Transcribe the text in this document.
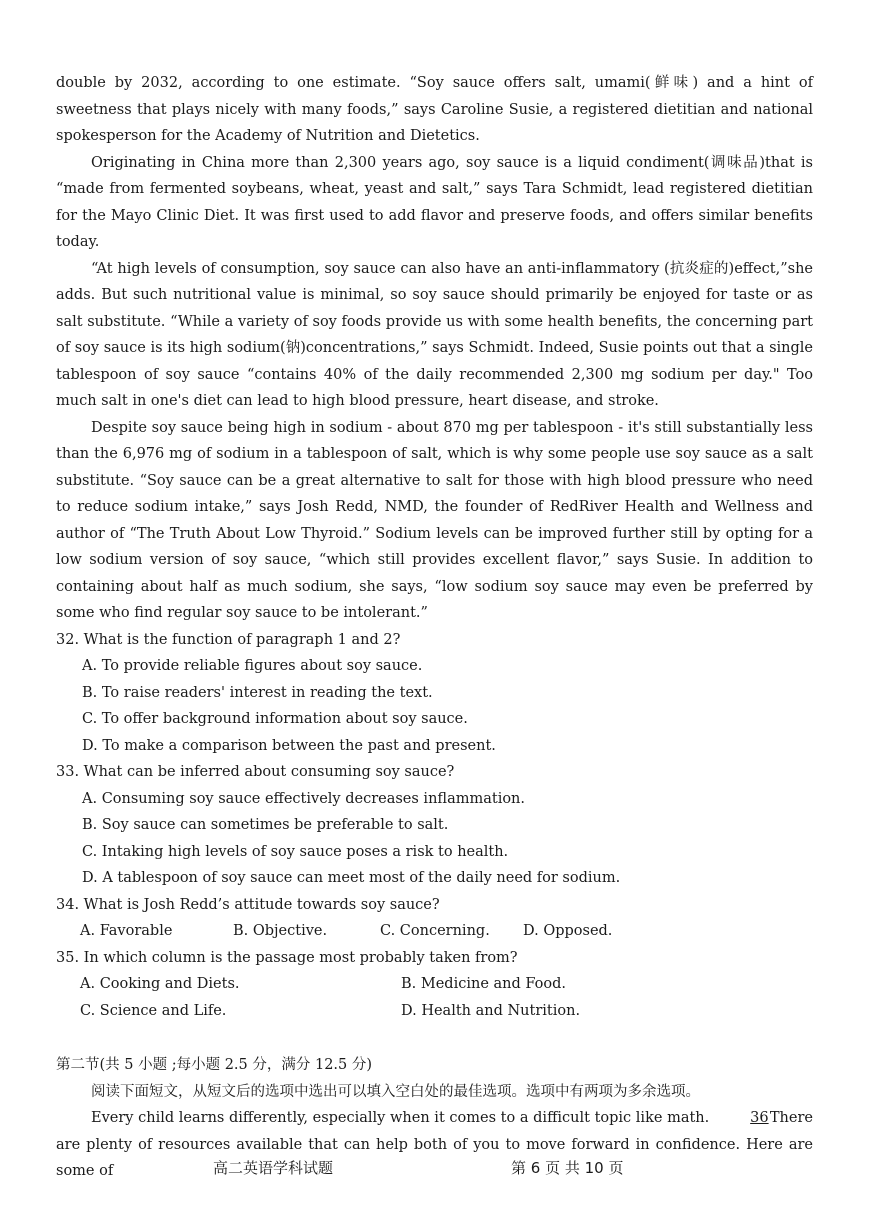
double by 2032, according to one estimate. “Soy sauce offers salt, umami(鲜味) and a hint of sweetness that plays nicely with many foods,” says Caroline Susie, a registered dietitian and national spokesperson for the Academy of Nutrition and Dietetics.

Originating in China more than 2,300 years ago, soy sauce is a liquid condiment(调味品)that is “made from fermented soybeans, wheat, yeast and salt,” says Tara Schmidt, lead registered dietitian for the Mayo Clinic Diet. It was first used to add flavor and preserve foods, and offers similar benefits today.

“At high levels of consumption, soy sauce can also have an anti-inflammatory (抗炎症的)effect,”she adds. But such nutritional value is minimal, so soy sauce should primarily be enjoyed for taste or as salt substitute. “While a variety of soy foods provide us with some health benefits, the concerning part of soy sauce is its high sodium(钠)concentrations,” says Schmidt. Indeed, Susie points out that a single tablespoon of soy sauce “contains 40% of the daily recommended 2,300 mg sodium per day." Too much salt in one's diet can lead to high blood pressure, heart disease, and stroke.

Despite soy sauce being high in sodium - about 870 mg per tablespoon - it's still substantially less than the 6,976 mg of sodium in a tablespoon of salt, which is why some people use soy sauce as a salt substitute. “Soy sauce can be a great alternative to salt for those with high blood pressure who need to reduce sodium intake,” says Josh Redd, NMD, the founder of RedRiver Health and Wellness and author of “The Truth About Low Thyroid.” Sodium levels can be improved further still by opting for a low sodium version of soy sauce, “which still provides excellent flavor,” says Susie. In addition to containing about half as much sodium, she says, “low sodium soy sauce may even be preferred by some who find regular soy sauce to be intolerant.”

32. What is the function of paragraph 1 and 2?

A. To provide reliable figures about soy sauce.

B. To raise readers' interest in reading the text.

C. To offer background information about soy sauce.

D. To make a comparison between the past and present.

33. What can be inferred about consuming soy sauce?

A. Consuming soy sauce effectively decreases inflammation.

B. Soy sauce can sometimes be preferable to salt.

C. Intaking high levels of soy sauce poses a risk to health.

D. A tablespoon of soy sauce can meet most of the daily need for sodium.

34. What is Josh Redd’s attitude towards soy sauce?

A. Favorable	B. Objective.	C. Concerning.	D. Opposed.

35. In which column is the passage most probably taken from?

A. Cooking and Diets.	B. Medicine and Food.
C. Science and Life.	D. Health and Nutrition.

第二节(共 5 小题 ;每小题 2.5 分，满分 12.5 分)

阅读下面短文，从短文后的选项中选出可以填入空白处的最佳选项。选项中有两项为多余选项。

Every child learns differently, especially when it comes to a difficult topic like math.	36There are plenty of resources available that can help both of you to move forward in confidence. Here are some of	高二英语学科试题	第 6 页 共 10 页
